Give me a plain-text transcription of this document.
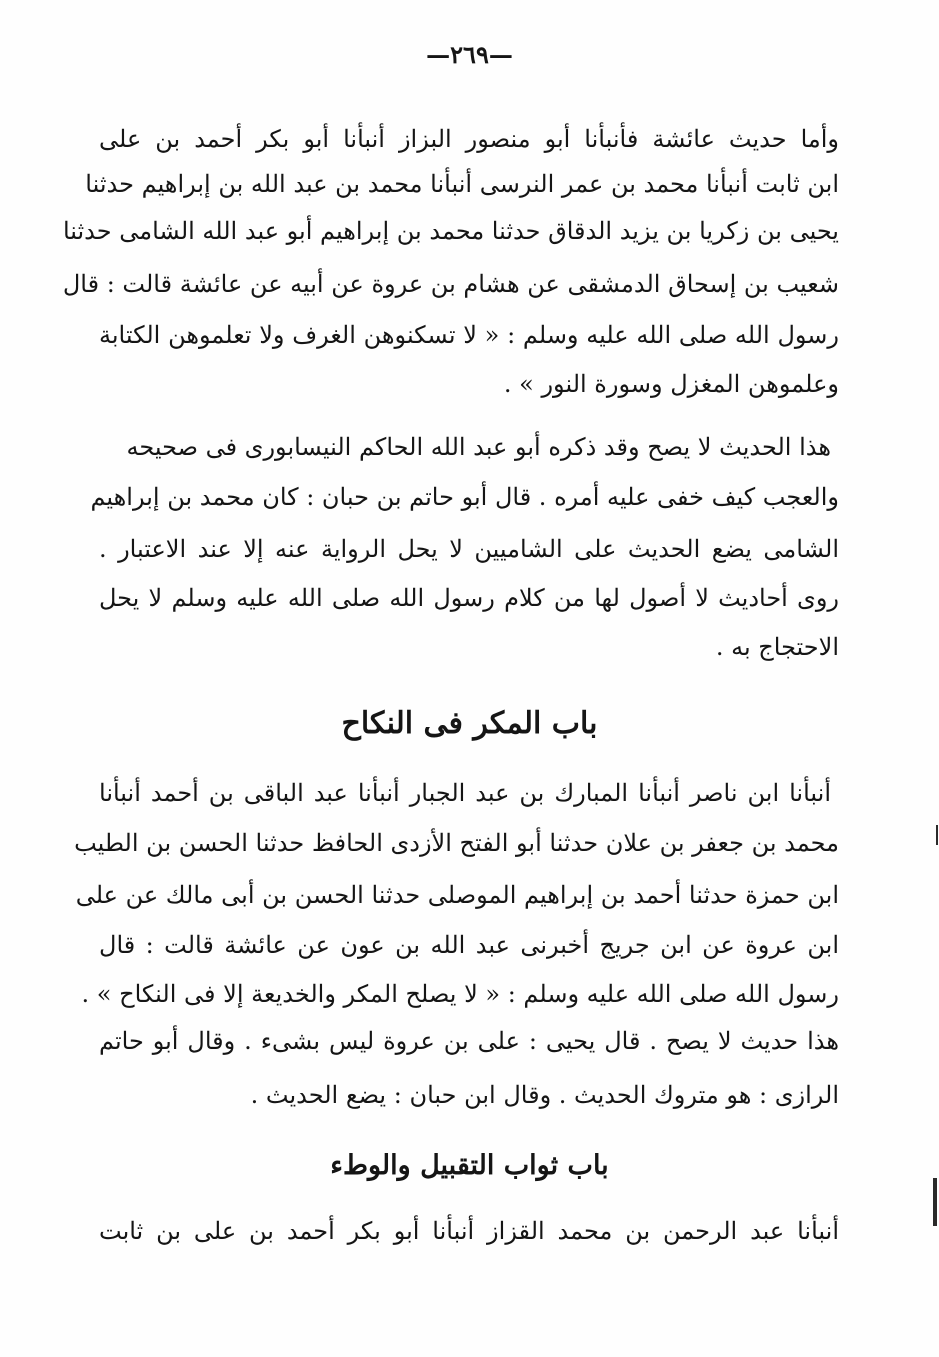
—٢٦٩—
وأما حديث عائشة فأنبأنا أبو منصور البزاز أنبأنا أبو بكر أحمد بن على
ابن ثابت أنبأنا محمد بن عمر النرسى أنبأنا محمد بن عبد الله بن إبراهيم حدثنا
يحيى بن زكريا بن يزيد الدقاق حدثنا محمد بن إبراهيم أبو عبد الله الشامى حدثنا
شعيب بن إسحاق الدمشقى عن هشام بن عروة عن أبيه عن عائشة قالت : قال
رسول الله صلى الله عليه وسلم : « لا تسكنوهن الغرف ولا تعلموهن الكتابة
وعلموهن المغزل وسورة النور » .
هذا الحديث لا يصح وقد ذكره أبو عبد الله الحاكم النيسابورى فى صحيحه
والعجب كيف خفى عليه أمره . قال أبو حاتم بن حبان : كان محمد بن إبراهيم
الشامى يضع الحديث على الشاميين لا يحل الرواية عنه إلا عند الاعتبار .
روى أحاديث لا أصول لها من كلام رسول الله صلى الله عليه وسلم لا يحل
الاحتجاج به .
باب المكر فى النكاح
أنبأنا ابن ناصر أنبأنا المبارك بن عبد الجبار أنبأنا عبد الباقى بن أحمد أنبأنا
محمد بن جعفر بن علان حدثنا أبو الفتح الأزدى الحافظ حدثنا الحسن بن الطيب
ابن حمزة حدثنا أحمد بن إبراهيم الموصلى حدثنا الحسن بن أبى مالك عن على
ابن عروة عن ابن جريج أخبرنى عبد الله بن عون عن عائشة قالت : قال
رسول الله صلى الله عليه وسلم : « لا يصلح المكر والخديعة إلا فى النكاح » .
هذا حديث لا يصح . قال يحيى : على بن عروة ليس بشىء . وقال أبو حاتم
الرازى : هو متروك الحديث . وقال ابن حبان : يضع الحديث .
باب ثواب التقبيل والوطء
أنبأنا عبد الرحمن بن محمد القزاز أنبأنا أبو بكر أحمد بن على بن ثابت
